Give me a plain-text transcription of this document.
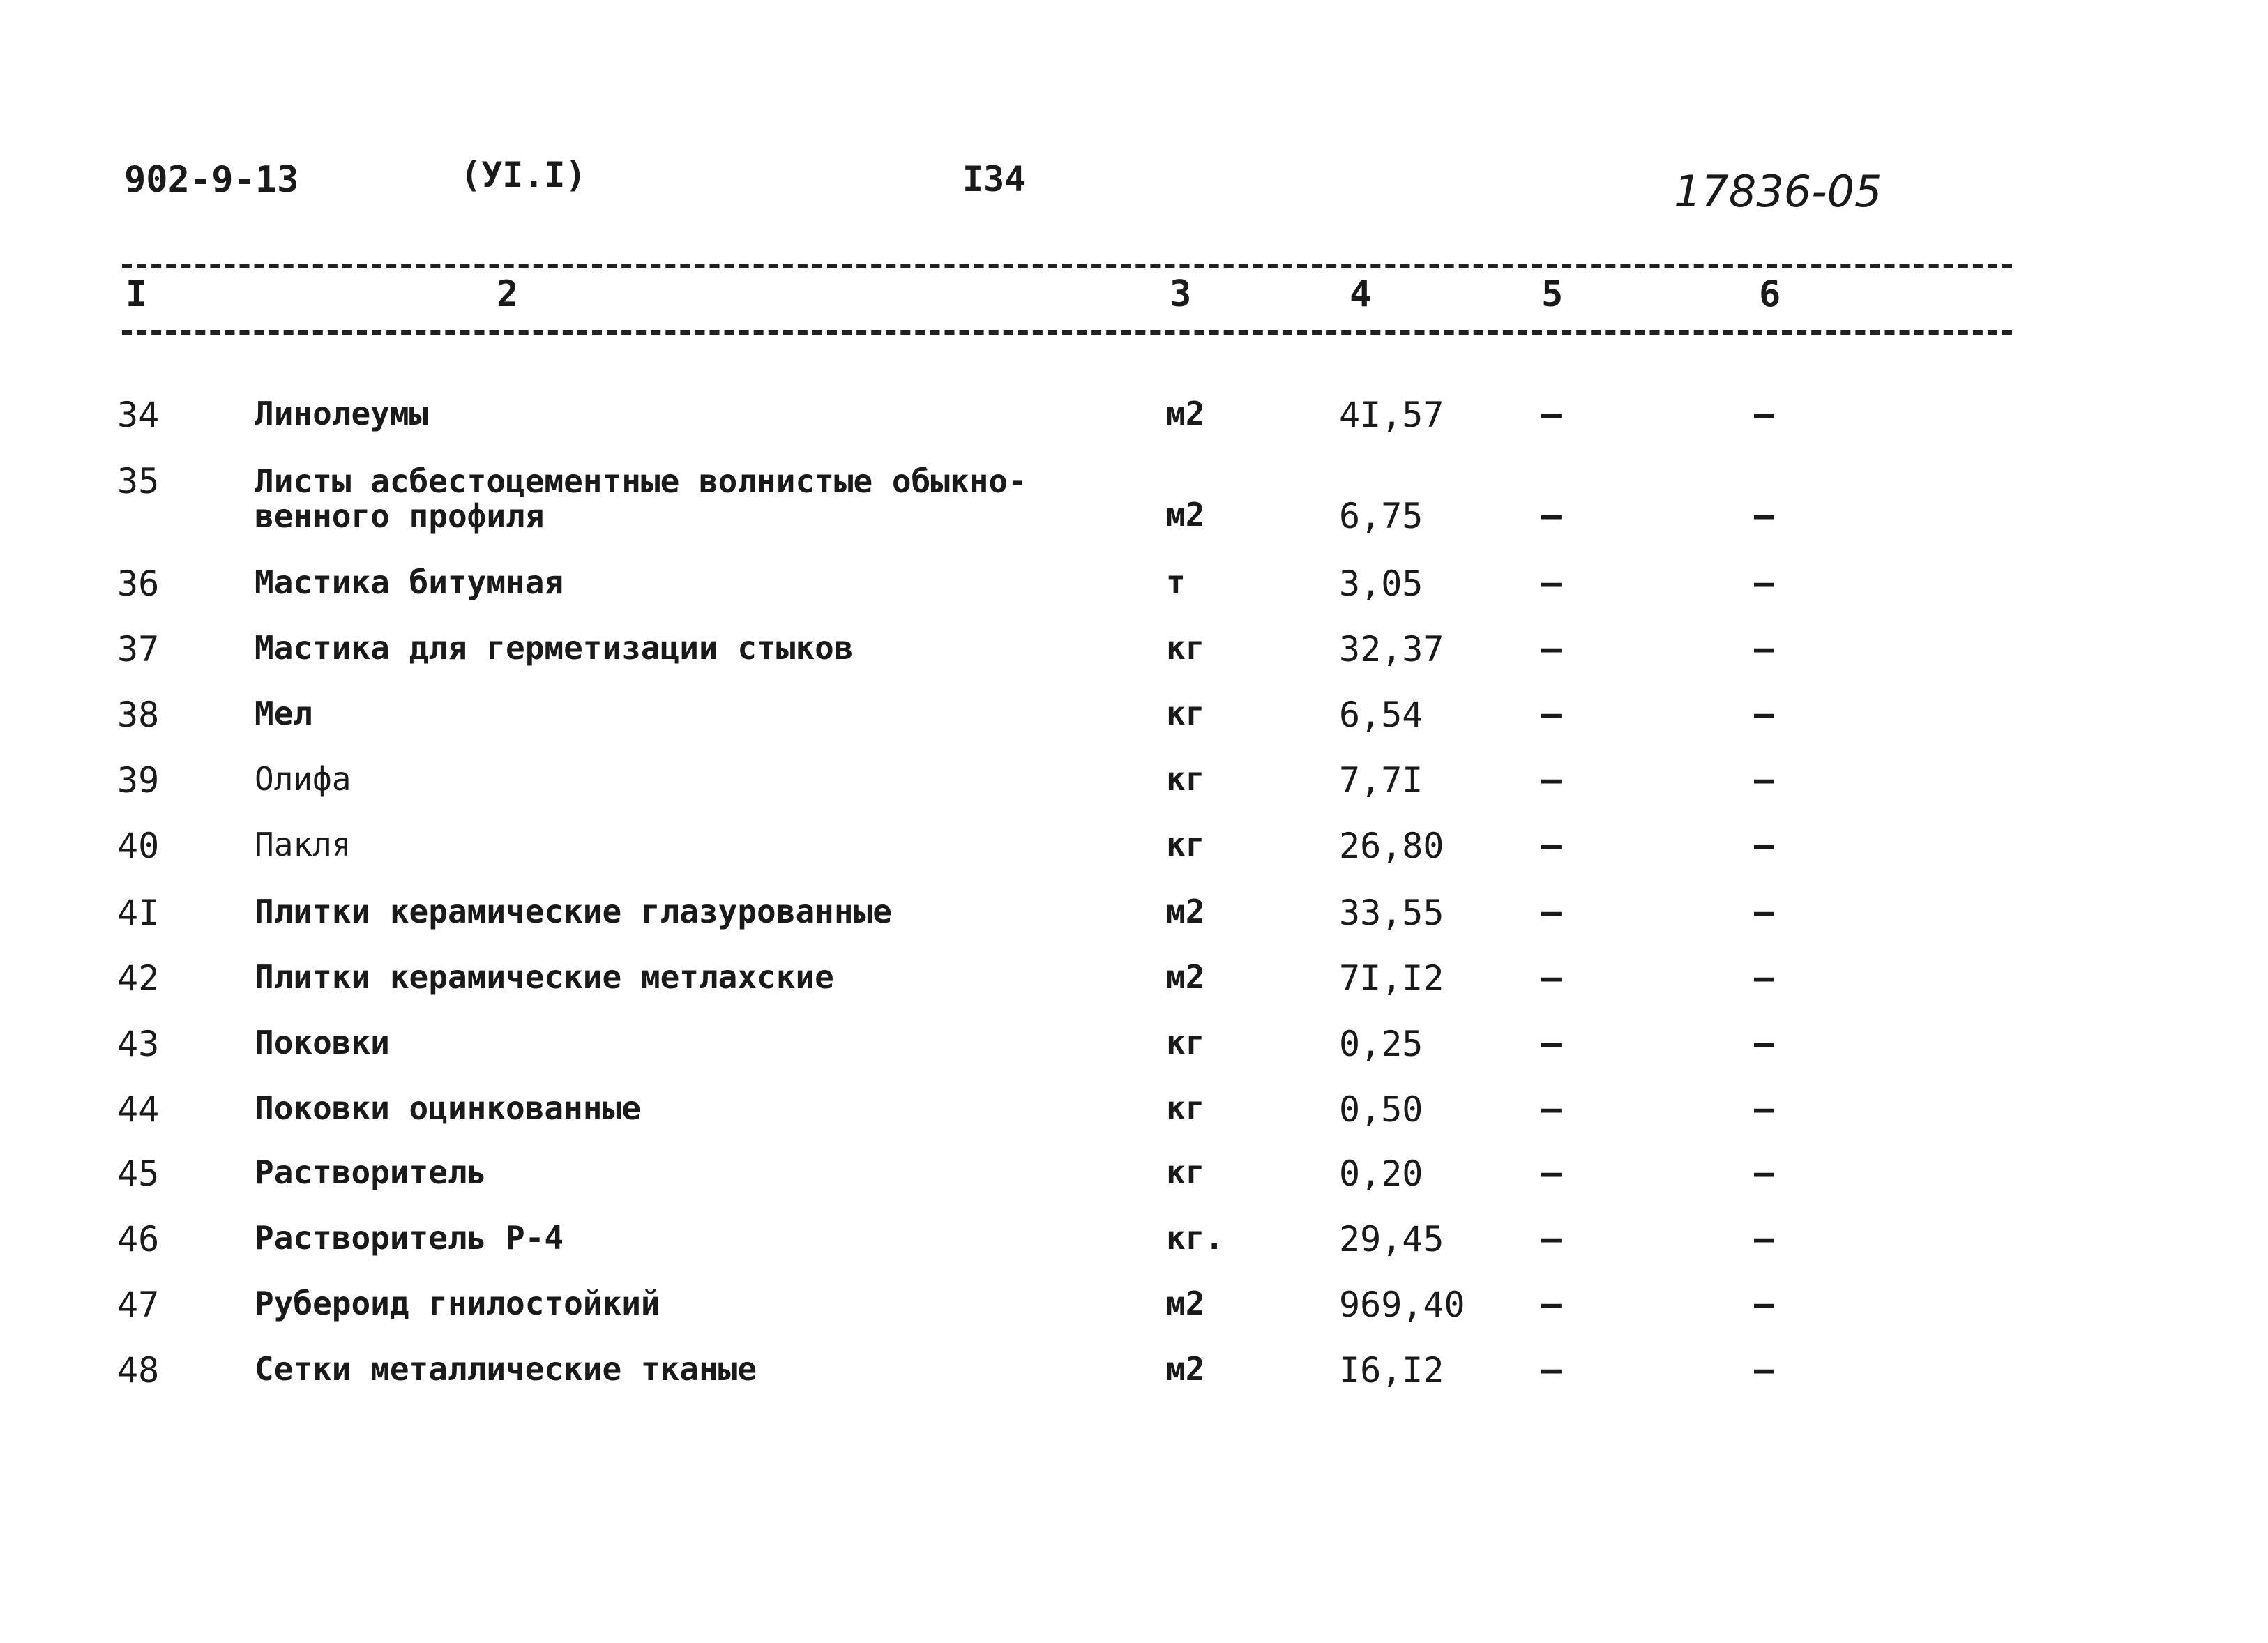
902-9-13	(УI.I)	I34	17836-05
I	2	3	4	5	6
34	Линолеумы	м2	4I,57	–	–
35	Листы асбестоцементные волнистые обыкно-
венного профиля	м2	6,75	–	–
36	Мастика битумная	т	3,05	–	–
37	Мастика для герметизации стыков	кг	32,37	–	–
38	Мел	кг	6,54	–	–
39	Олифа	кг	7,7I	–	–
40	Пакля	кг	26,80	–	–
4I	Плитки керамические глазурованные	м2	33,55	–	–
42	Плитки керамические метлахские	м2	7I,I2	–	–
43	Поковки	кг	0,25	–	–
44	Поковки оцинкованные	кг	0,50	–	–
45	Растворитель	кг	0,20	–	–
46	Растворитель Р-4	кг.	29,45	–	–
47	Рубероид гнилостойкий	м2	969,40 –	–
48	Сетки металлические тканые	м2	I6,I2	–	–
